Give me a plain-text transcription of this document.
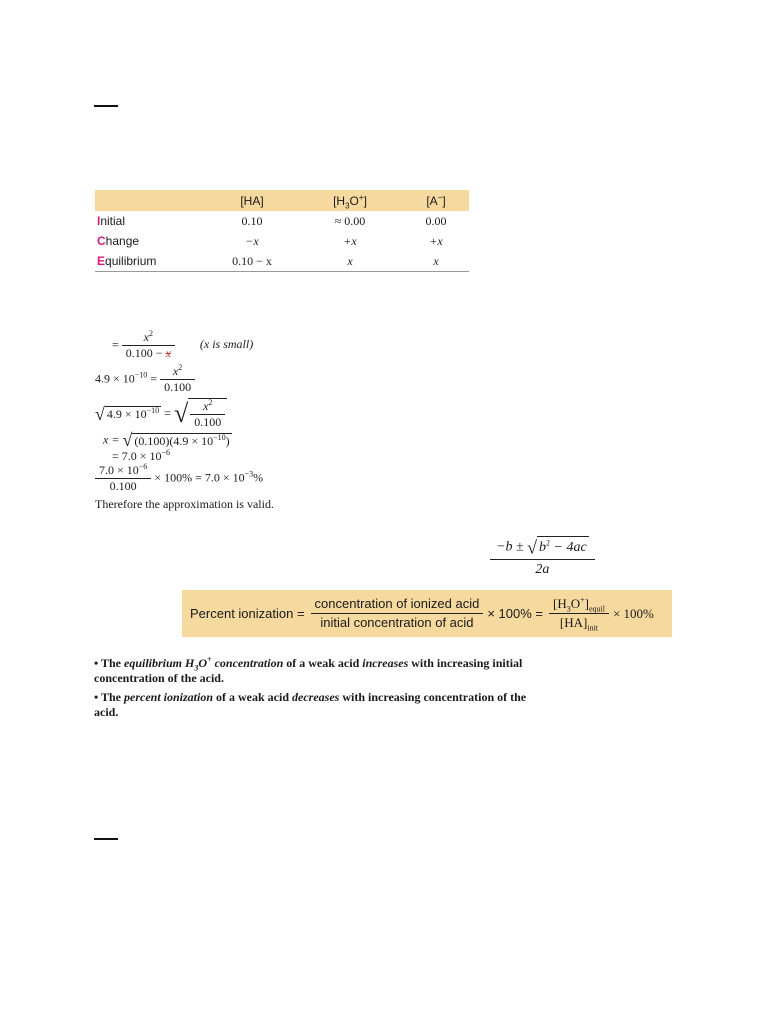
	[HA]	$[H_3O^+]$	[A−]
Initial	0.10	≈ 0.00	0.00
Change	−x	+x	+x
Equilibrium	0.10 − x	x	x
= $\frac{x^2}{0.100 - x} (x$ is small)
$4.9 \times 10^{-10} = \frac{x^2}{0.100}$
√ $4.9 \times 10^{-10}$ = √ $\frac{x^2}{0.100}$
x = √ $(0.100)(4.9 \times 10^{-10})$
= $7.0 \times 10^{-6}$
$\frac{7.0 \times 10^{-6}}{0.100} \times 100\% = 7.0 \times 10^{-3}\%$
Therefore the approximation is valid.
$\frac{-b \pm √ b^2 - 4ac}{2a}$
Percent ionization = $\frac{\text{concentration of ionized acid}}{\text{initial concentration of acid}} \times 100\% = \frac{[H_3O^+]_{equil}}{[HA]_{init}} \times 100\%$
• The equilibrium $H_3O^+$ concentration of a weak acid increases with increasing initial concentration of the acid.
• The percent ionization of a weak acid decreases with increasing concentration of the acid.
